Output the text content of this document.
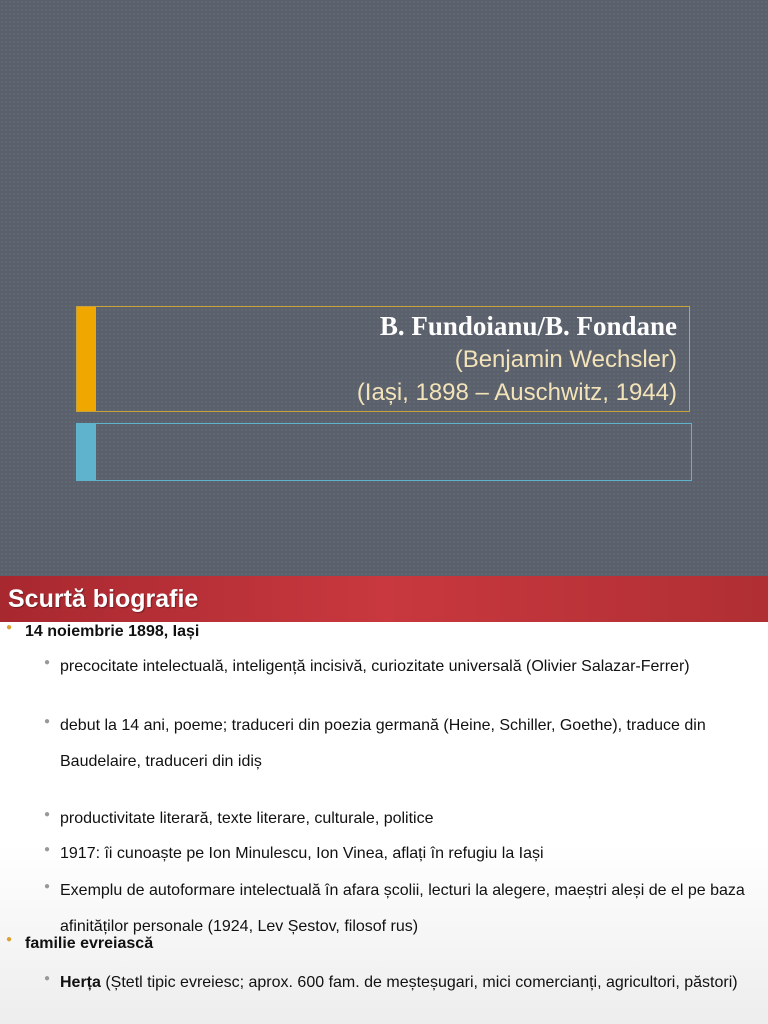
B. Fundoianu/B. Fondane
(Benjamin Wechsler)
(Iași, 1898 – Auschwitz, 1944)
Scurtă biografie
● 14 noiembrie 1898, Iași
● precocitate intelectuală, inteligență incisivă, curiozitate universală (Olivier Salazar-Ferrer)
● debut la 14 ani, poeme; traduceri din poezia germană (Heine, Schiller, Goethe), traduce din Baudelaire, traduceri din idiș
● productivitate literară, texte literare, culturale, politice
● 1917: îi cunoaște pe Ion Minulescu, Ion Vinea, aflați în refugiu la Iași
● Exemplu de autoformare intelectuală în afara școlii, lecturi la alegere, maeștri aleși de el pe baza afinităților personale (1924, Lev Șestov, filosof rus)
● familie evreiască
● Herța (Ștetl tipic evreiesc; aprox. 600 fam. de meșteșugari, mici comercianți, agricultori, păstori)
